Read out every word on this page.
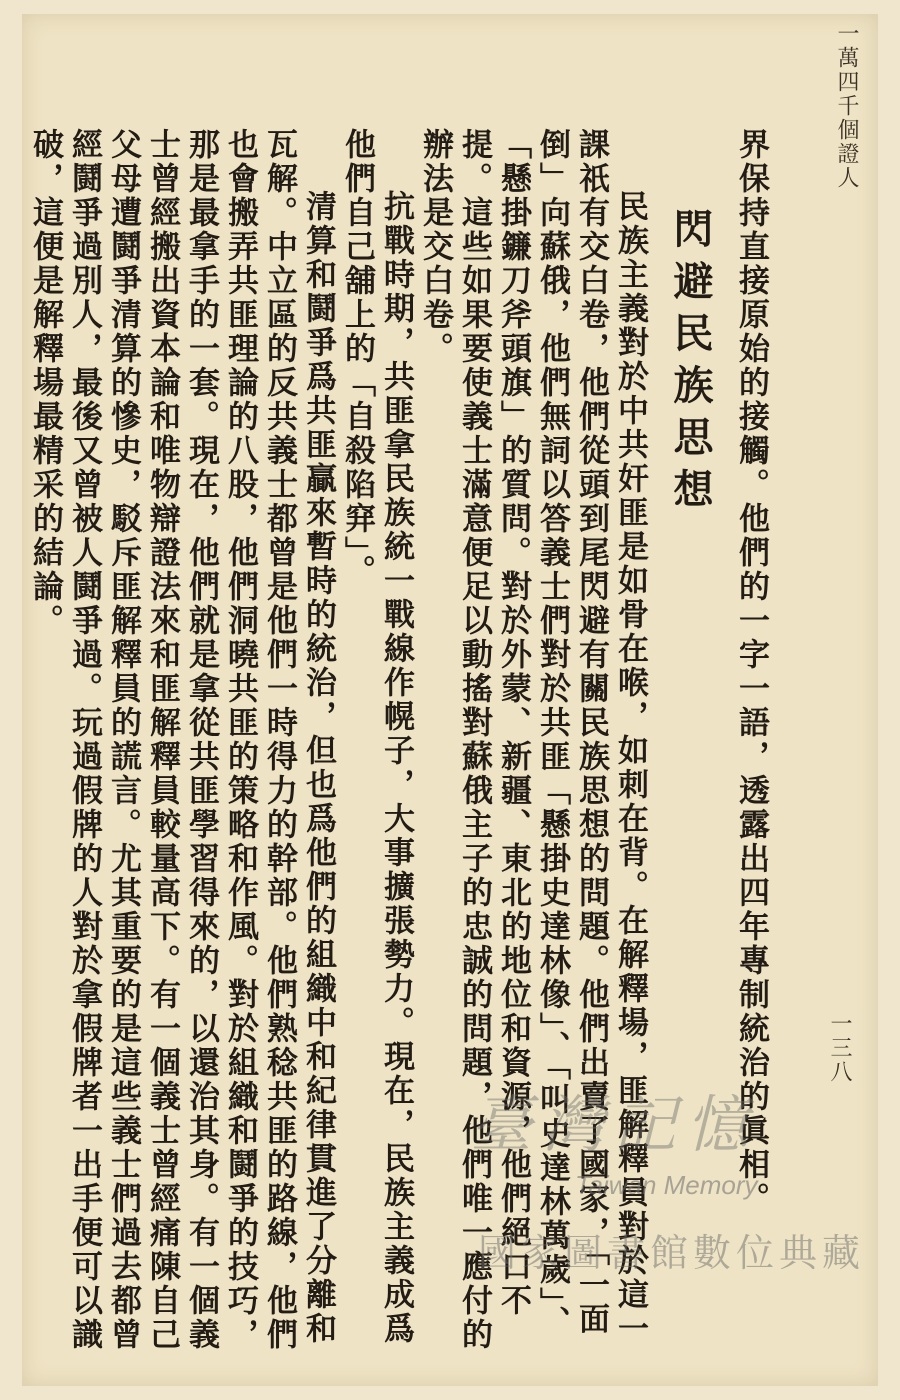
一萬四千個證人
一三八

界保持直接原始的接觸。他們的一字一語，透露出四年專制統治的眞相。

閃避民族思想

民族主義對於中共奸匪是如骨在喉，如刺在背。在解釋場，匪解釋員對於這一課祇有交白卷，他們從頭到尾閃避有關民族思想的問題。他們出賣了國家，「一面倒」向蘇俄，他們無詞以答義士們對於共匪「懸掛史達林像」、「叫史達林萬歲」、「懸掛鐮刀斧頭旗」的質問。對於外蒙、新疆、東北的地位和資源，他們絕口不提。這些如果要使義士滿意便足以動搖對蘇俄主子的忠誠的問題，他們唯一應付的辦法是交白卷。

抗戰時期，共匪拿民族統一戰線作幌子，大事擴張勢力。現在，民族主義成爲他們自己舖上的「自殺陷穽」。

清算和鬪爭爲共匪贏來暫時的統治，但也爲他們的組織中和紀律貫進了分離和瓦解。中立區的反共義士都曾是他們一時得力的幹部。他們熟稔共匪的路線，他們也會搬弄共匪理論的八股，他們洞曉共匪的策略和作風。對於組織和鬪爭的技巧，那是最拿手的一套。現在，他們就是拿從共匪學習得來的，以還治其身。有一個義士曾經搬出資本論和唯物辯證法來和匪解釋員較量高下。有一個義士曾經痛陳自己父母遭鬪爭清算的慘史，駁斥匪解釋員的謊言。尤其重要的是這些義士們過去都曾經鬪爭過別人，最後又曾被人鬪爭過。玩過假牌的人對於拿假牌者一出手便可以識破，這便是解釋場最精采的結論。

臺灣記憶
Taiwan Memory
國家圖書館數位典藏
